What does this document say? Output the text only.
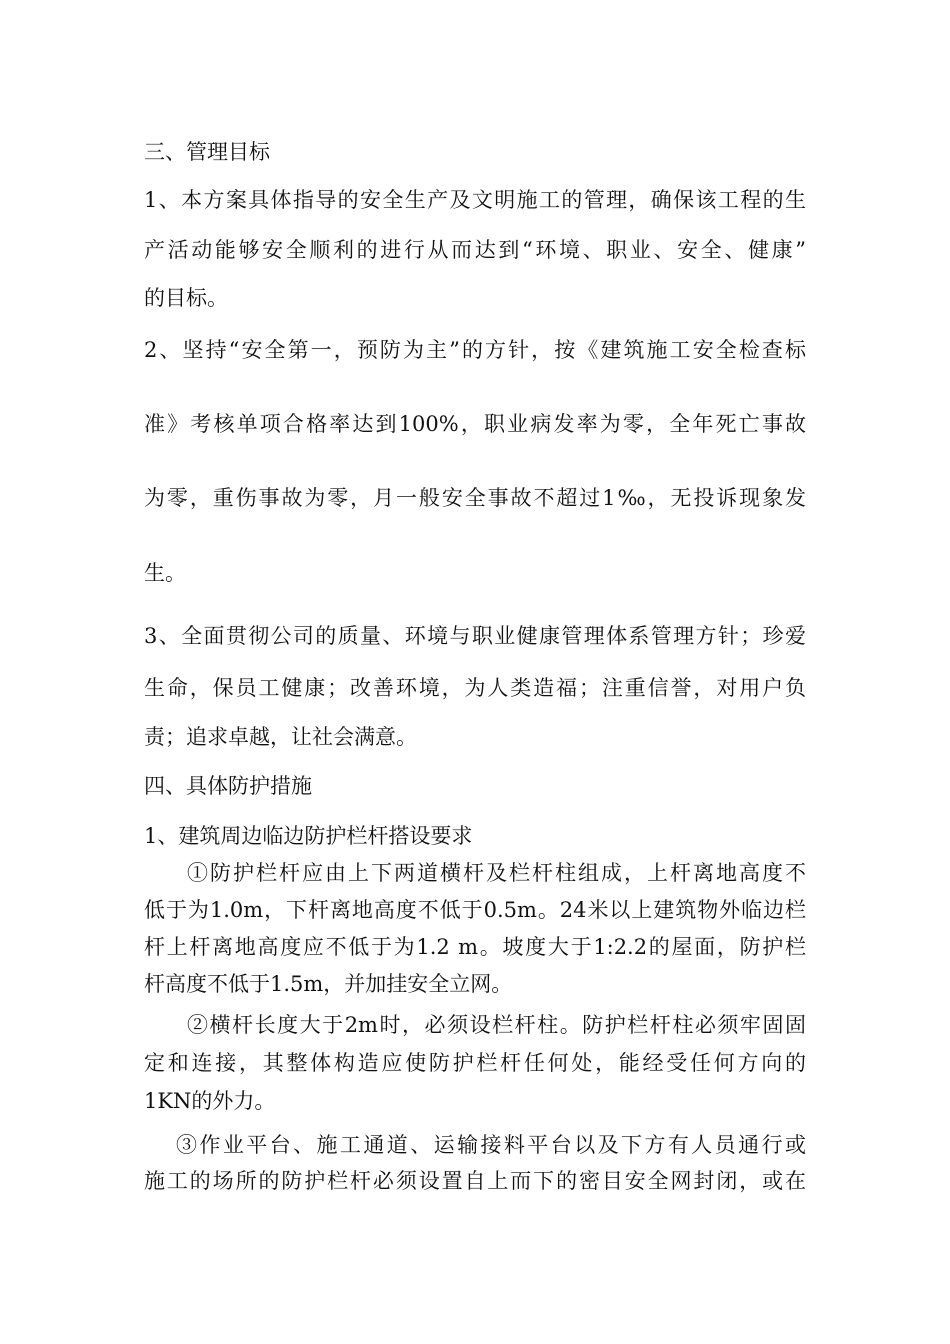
三、管理目标
1、本方案具体指导的安全生产及文明施工的管理，确保该工程的生
产活动能够安全顺利的进行从而达到“环境、职业、安全、健康”
的目标。
2、坚持“安全第一，预防为主”的方针，按《建筑施工安全检查标
准》考核单项合格率达到100%，职业病发率为零，全年死亡事故
为零，重伤事故为零，月一般安全事故不超过1‰，无投诉现象发
生。
3、全面贯彻公司的质量、环境与职业健康管理体系管理方针；珍爱
生命，保员工健康；改善环境，为人类造福；注重信誉，对用户负
责；追求卓越，让社会满意。
四、具体防护措施
1、建筑周边临边防护栏杆搭设要求
①防护栏杆应由上下两道横杆及栏杆柱组成，上杆离地高度不
低于为1.0m，下杆离地高度不低于0.5m。24米以上建筑物外临边栏
杆上杆离地高度应不低于为1.2 m。坡度大于1:2.2的屋面，防护栏
杆高度不低于1.5m，并加挂安全立网。
②横杆长度大于2m时，必须设栏杆柱。防护栏杆柱必须牢固固
定和连接，其整体构造应使防护栏杆任何处，能经受任何方向的
1KN的外力。
③作业平台、施工通道、运输接料平台以及下方有人员通行或
施工的场所的防护栏杆必须设置自上而下的密目安全网封闭，或在
